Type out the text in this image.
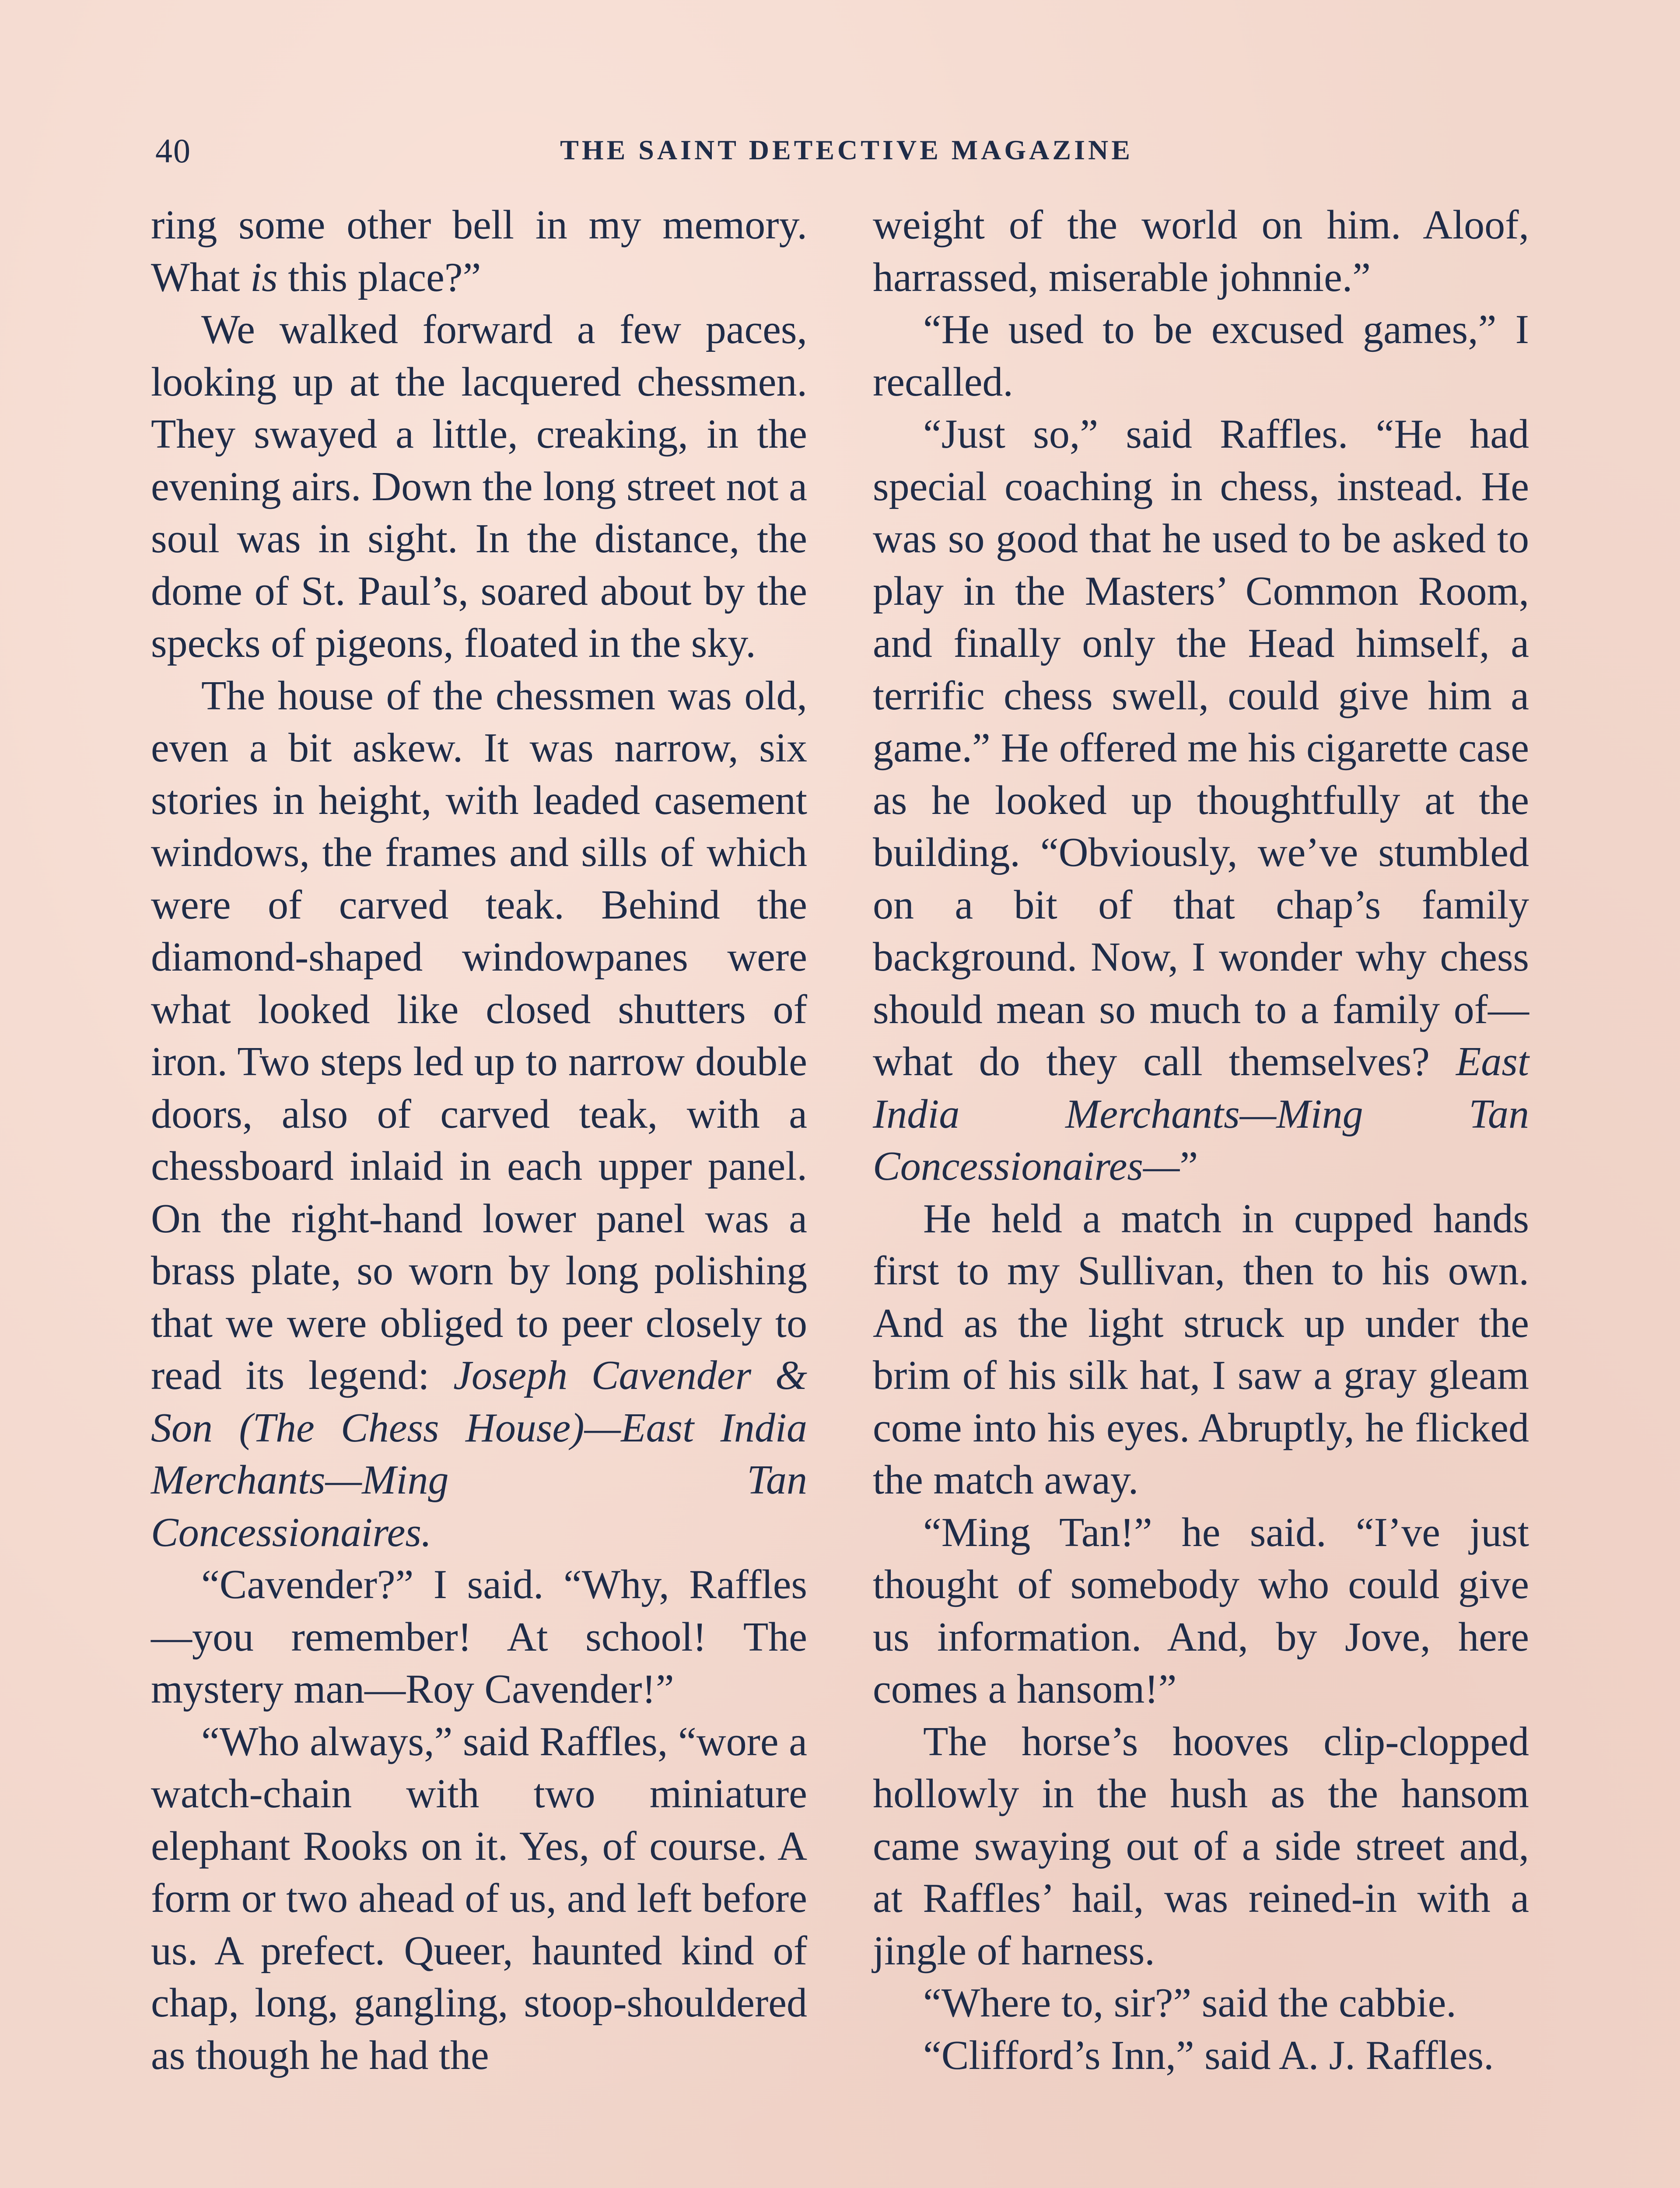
40	THE SAINT DETECTIVE MAGAZINE

ring some other bell in my memory. What is this place?”

We walked forward a few paces, looking up at the lacquered chessmen. They swayed a little, creaking, in the evening airs. Down the long street not a soul was in sight. In the distance, the dome of St. Paul’s, soared about by the specks of pigeons, floated in the sky.

The house of the chessmen was old, even a bit askew. It was narrow, six stories in height, with leaded casement windows, the frames and sills of which were of carved teak. Behind the diamond-shaped windowpanes were what looked like closed shutters of iron. Two steps led up to narrow double doors, also of carved teak, with a chessboard inlaid in each upper panel. On the right-hand lower panel was a brass plate, so worn by long polishing that we were obliged to peer closely to read its legend: Joseph Cavender & Son (The Chess House)—East India Merchants—Ming Tan Concessionaires.

“Cavender?” I said. “Why, Raffles—you remember! At school! The mystery man—Roy Cavender!”

“Who always,” said Raffles, “wore a watch-chain with two miniature elephant Rooks on it. Yes, of course. A form or two ahead of us, and left before us. A prefect. Queer, haunted kind of chap, long, gangling, stoop-shouldered as though he had the

weight of the world on him. Aloof, harrassed, miserable johnnie.”

“He used to be excused games,” I recalled.

“Just so,” said Raffles. “He had special coaching in chess, instead. He was so good that he used to be asked to play in the Masters’ Common Room, and finally only the Head himself, a terrific chess swell, could give him a game.” He offered me his cigarette case as he looked up thoughtfully at the building. “Obviously, we’ve stumbled on a bit of that chap’s family background. Now, I wonder why chess should mean so much to a family of—what do they call themselves? East India Merchants—Ming Tan Concessionaires—”

He held a match in cupped hands first to my Sullivan, then to his own. And as the light struck up under the brim of his silk hat, I saw a gray gleam come into his eyes. Abruptly, he flicked the match away.

“Ming Tan!” he said. “I’ve just thought of somebody who could give us information. And, by Jove, here comes a hansom!”

The horse’s hooves clip-clopped hollowly in the hush as the hansom came swaying out of a side street and, at Raffles’ hail, was reined-in with a jingle of harness.

“Where to, sir?” said the cabbie.

“Clifford’s Inn,” said A. J. Raffles.
